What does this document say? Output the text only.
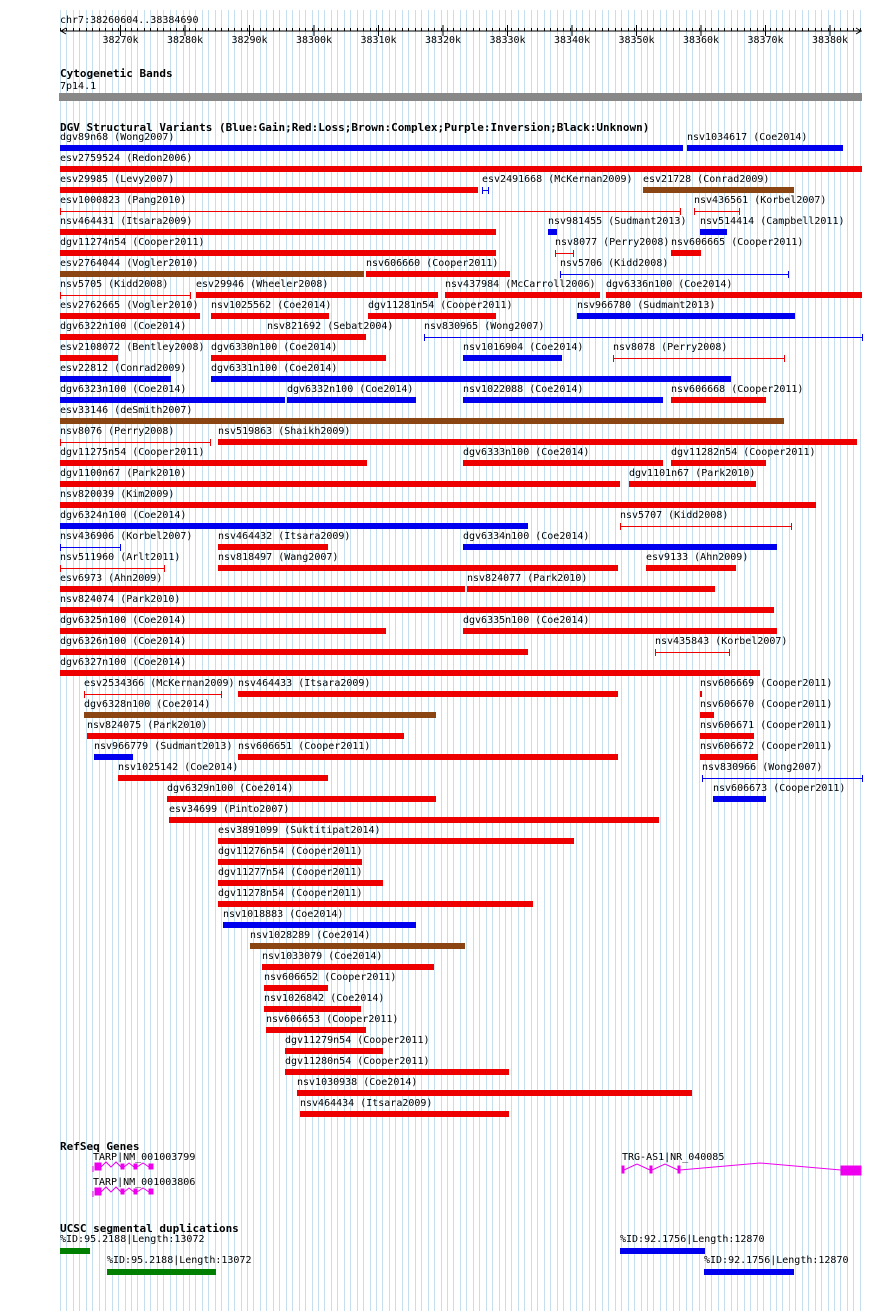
chr7:38260604..38384690
38270k	38280k	38290k	38300k	38310k	38320k	38330k	38340k	38350k	38360k	38370k	38380k
Cytogenetic Bands
7p14.1
DGV Structural Variants (Blue:Gain;Red:Loss;Brown:Complex;Purple:Inversion;Black:Unknown)
dgv89n68 (Wong2007)	nsv1034617 (Coe2014)
esv2759524 (Redon2006)
esv29985 (Levy2007)	esv2491668 (McKernan2009) esv21728 (Conrad2009)
esv1000823 (Pang2010)	nsv436561 (Korbel2007)
nsv464431 (Itsara2009)	nsv981455 (Sudmant2013) nsv514414 (Campbell2011)
dgv11274n54 (Cooper2011)	nsv8077 (Perry2008) nsv606665 (Cooper2011)
esv2764044 (Vogler2010)	nsv606660 (Cooper2011)	nsv5706 (Kidd2008)
nsv5705 (Kidd2008)	esv29946 (Wheeler2008)	nsv437984 (McCarroll2006) dgv6336n100 (Coe2014)
esv2762665 (Vogler2010) nsv1025562 (Coe2014)	dgv11281n54 (Cooper2011)	nsv966780 (Sudmant2013)
dgv6322n100 (Coe2014)	nsv821692 (Sebat2004)	nsv830965 (Wong2007)
esv2108072 (Bentley2008) dgv6330n100 (Coe2014)	nsv1016904 (Coe2014)	nsv8078 (Perry2008)
esv22812 (Conrad2009) dgv6331n100 (Coe2014)
dgv6323n100 (Coe2014)	dgv6332n100 (Coe2014)	nsv1022088 (Coe2014)	nsv606668 (Cooper2011)
esv33146 (deSmith2007)
nsv8076 (Perry2008)	nsv519863 (Shaikh2009)
dgv11275n54 (Cooper2011)	dgv6333n100 (Coe2014)	dgv11282n54 (Cooper2011)
dgv1100n67 (Park2010)	dgv1101n67 (Park2010)
nsv820039 (Kim2009)
dgv6324n100 (Coe2014)	nsv5707 (Kidd2008)
nsv436906 (Korbel2007)	nsv464432 (Itsara2009)	dgv6334n100 (Coe2014)
nsv511960 (Arlt2011)	nsv818497 (Wang2007)	esv9133 (Ahn2009)
esv6973 (Ahn2009)	nsv824077 (Park2010)
nsv824074 (Park2010)
dgv6325n100 (Coe2014)	dgv6335n100 (Coe2014)
dgv6326n100 (Coe2014)	nsv435843 (Korbel2007)
dgv6327n100 (Coe2014)
esv2534366 (McKernan2009) nsv464433 (Itsara2009)	nsv606669 (Cooper2011)
dgv6328n100 (Coe2014)	nsv606670 (Cooper2011)
nsv824075 (Park2010)	nsv606671 (Cooper2011)
nsv966779 (Sudmant2013) nsv606651 (Cooper2011)	nsv606672 (Cooper2011)
nsv1025142 (Coe2014)	nsv830966 (Wong2007)
dgv6329n100 (Coe2014)	nsv606673 (Cooper2011)
esv34699 (Pinto2007)
esv3891099 (Suktitipat2014)
dgv11276n54 (Cooper2011)
dgv11277n54 (Cooper2011)
dgv11278n54 (Cooper2011)
nsv1018883 (Coe2014)
nsv1028289 (Coe2014)
nsv1033079 (Coe2014)
nsv606652 (Cooper2011)
nsv1026842 (Coe2014)
nsv606653 (Cooper2011)
dgv11279n54 (Cooper2011)
dgv11280n54 (Cooper2011)
nsv1030938 (Coe2014)
nsv464434 (Itsara2009)
RefSeq Genes
TARP|NM_001003799
TARP|NM_001003806
TRG-AS1|NR_040085
UCSC segmental duplications
%ID:95.2188|Length:13072
%ID:95.2188|Length:13072
%ID:92.1756|Length:12870
%ID:92.1756|Length:12870
